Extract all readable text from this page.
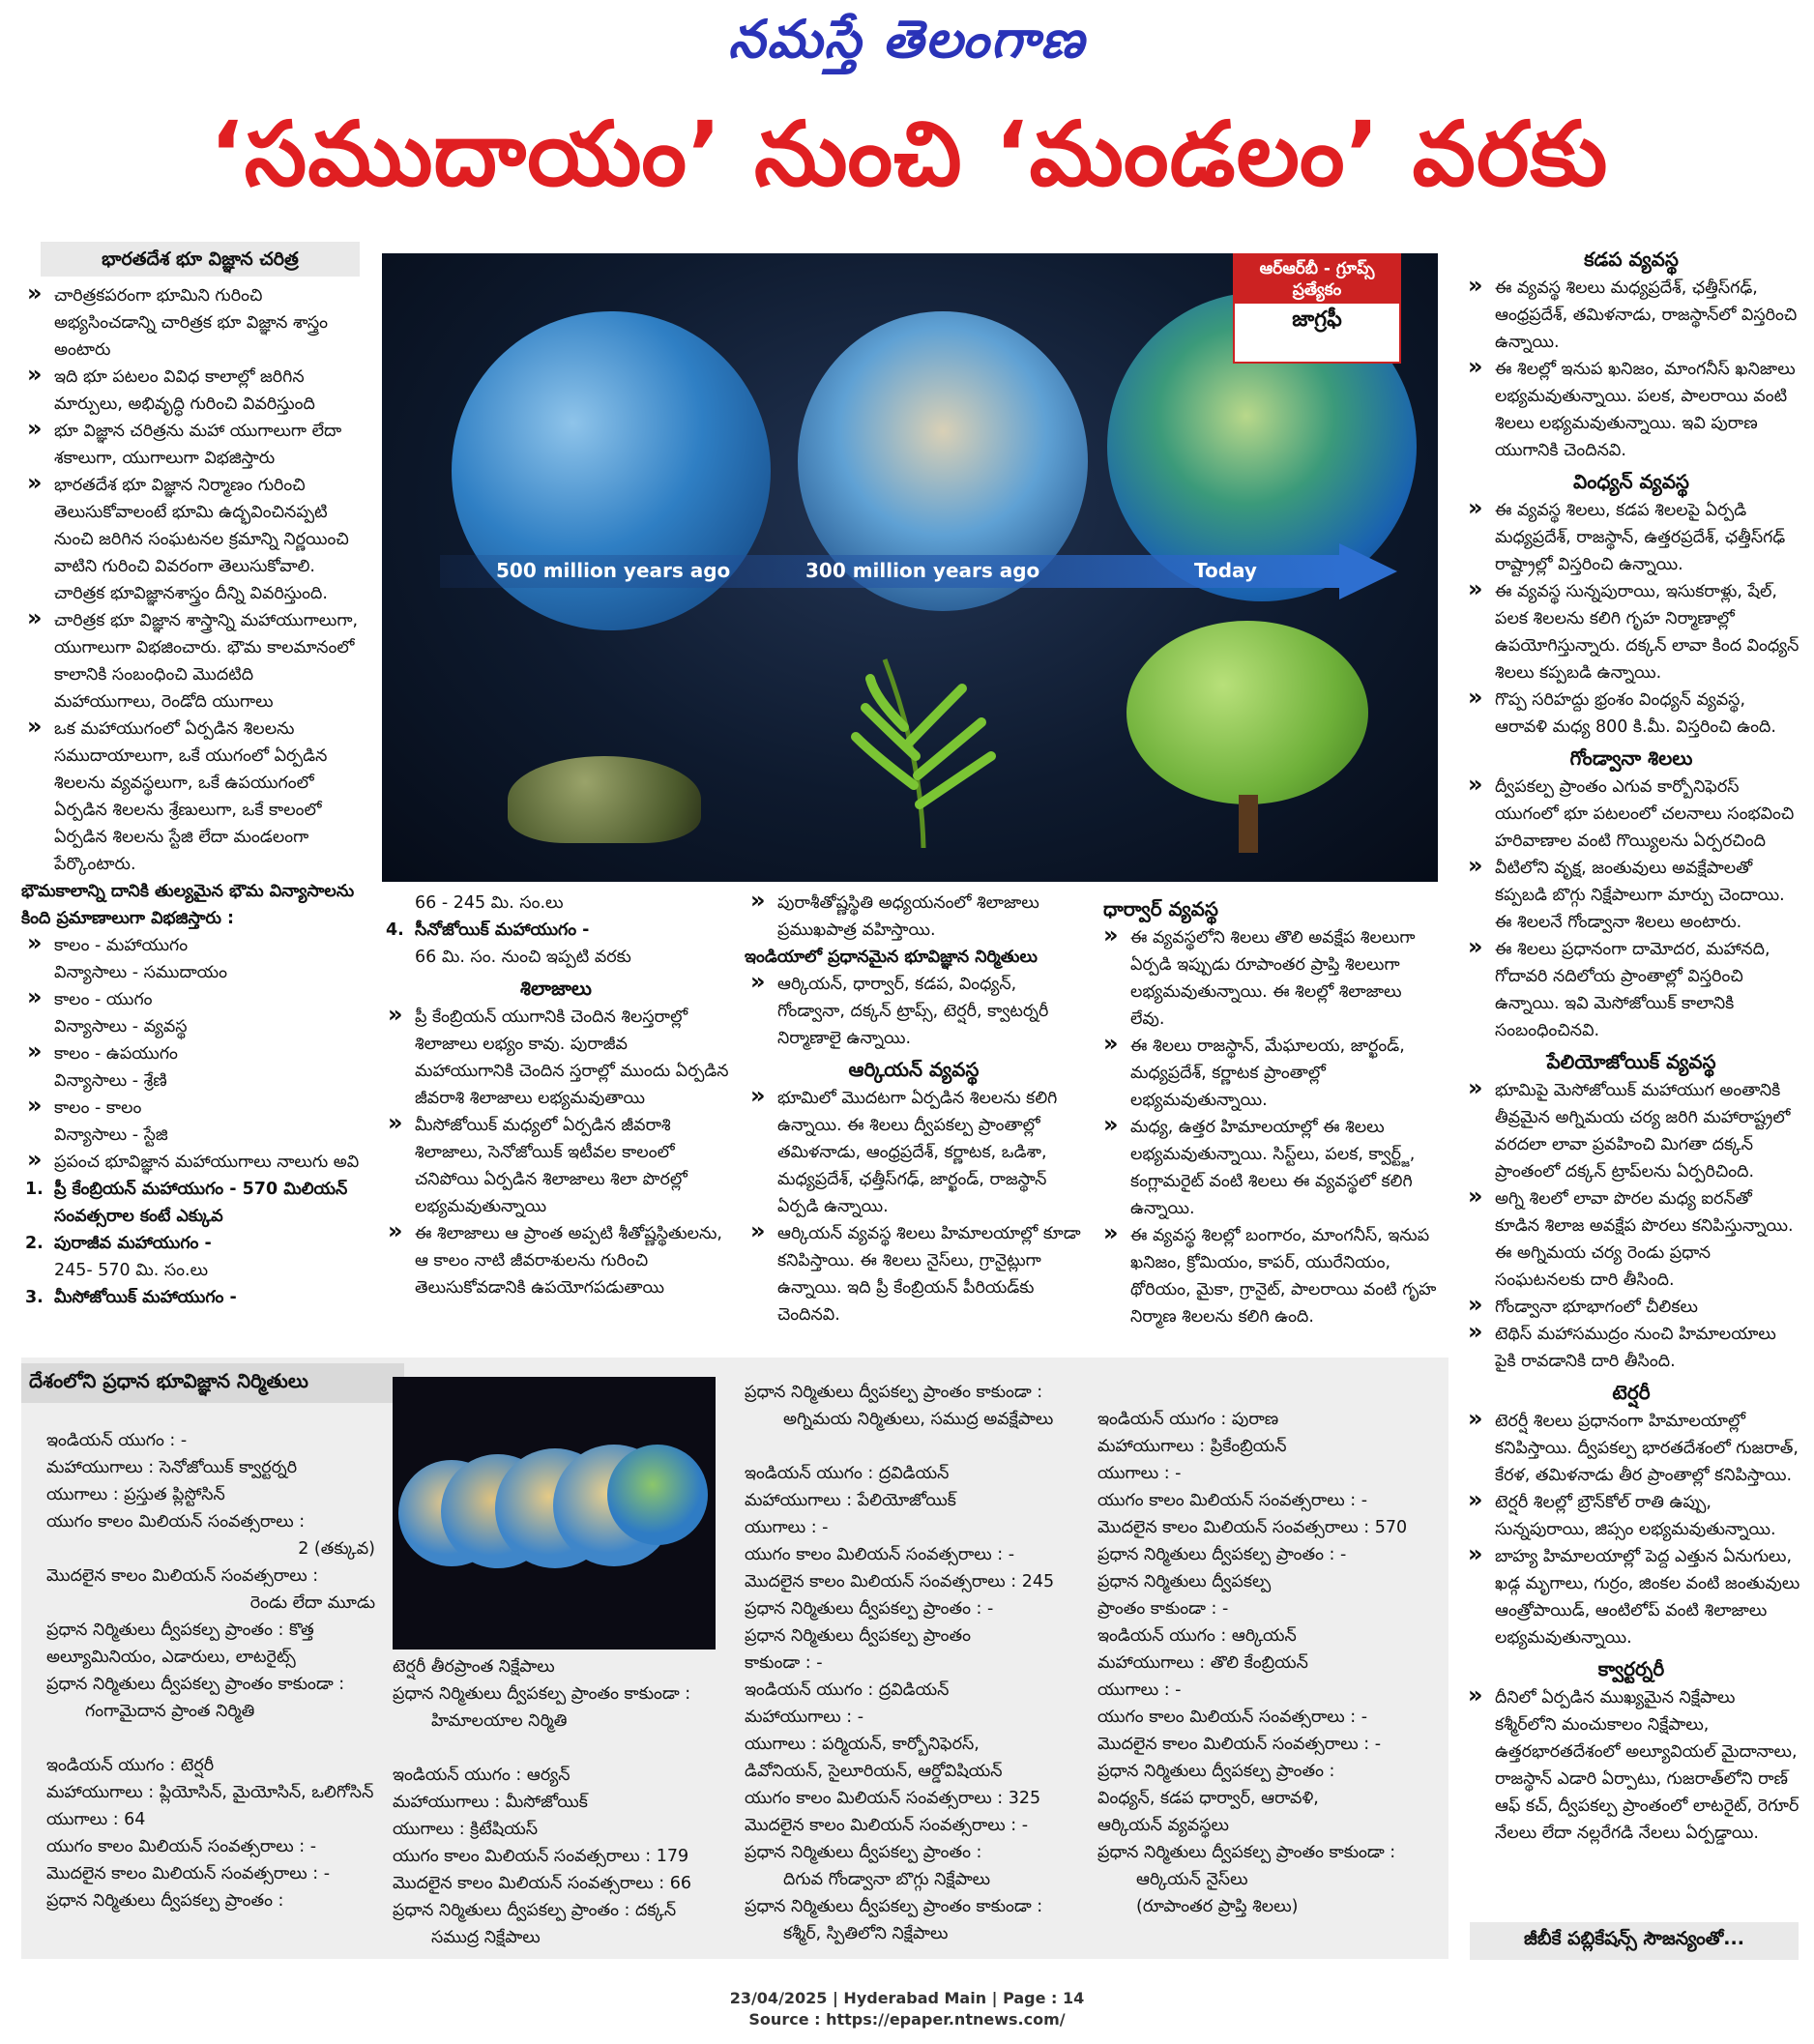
నమస్తే తెలంగాణ
‘సముదాయం’ నుంచి ‘మండలం’ వరకు
భారతదేశ భూ విజ్ఞాన చరిత్ర

» చారిత్రకపరంగా భూమిని గురించి అభ్యసించడాన్ని చారిత్రక భూ విజ్ఞాన శాస్త్రం అంటారు

» ఇది భూ పటలం వివిధ కాలాల్లో జరిగిన మార్పులు, అభివృద్ధి గురించి వివరిస్తుంది

» భూ విజ్ఞాన చరిత్రను మహా యుగాలుగా లేదా శకాలుగా, యుగాలుగా విభజిస్తారు

» భారతదేశ భూ విజ్ఞాన నిర్మాణం గురించి తెలుసుకోవాలంటే భూమి ఉద్భవించినప్పటి నుంచి జరిగిన సంఘటనల క్రమాన్ని నిర్ణయించి వాటిని గురించి వివరంగా తెలుసుకోవాలి. చారిత్రక భూవిజ్ఞానశాస్త్రం దీన్ని వివరిస్తుంది.

» చారిత్రక భూ విజ్ఞాన శాస్త్రాన్ని మహాయుగాలుగా, యుగాలుగా విభజించారు. భౌమ కాలమానంలో కాలానికి సంబంధించి మొదటిది మహాయుగాలు, రెండోది యుగాలు

» ఒక మహాయుగంలో ఏర్పడిన శిలలను సముదాయాలుగా, ఒకే యుగంలో ఏర్పడిన శిలలను వ్యవస్థలుగా, ఒకే ఉపయుగంలో ఏర్పడిన శిలలను శ్రేణులుగా, ఒకే కాలంలో ఏర్పడిన శిలలను స్టేజి లేదా మండలంగా పేర్కొంటారు.

భౌమకాలాన్ని దానికి తుల్యమైన భౌమ విన్యాసాలను కింది ప్రమాణాలుగా విభజిస్తారు :

» కాలం - మహాయుగం

విన్యాసాలు - సముదాయం

» కాలం - యుగం

విన్యాసాలు - వ్యవస్థ

» కాలం - ఉపయుగం

విన్యాసాలు - శ్రేణి

» కాలం - కాలం

విన్యాసాలు - స్టేజి

» ప్రపంచ భూవిజ్ఞాన మహాయుగాలు నాలుగు అవి

1. ప్రీ కేంబ్రియన్ మహాయుగం - 570 మిలియన్ సంవత్సరాల కంటే ఎక్కువ

2. పురాజీవ మహాయుగం -

245- 570 మి. సం.లు

3. మీసోజోయిక్ మహాయుగం -

ఆర్‌ఆర్‌బీ - గ్రూప్స్ ప్రత్యేకం
జాగ్రఫీ
500 million years ago	300 million years ago	Today

66 - 245 మి. సం.లు

4. సీనోజోయిక్ మహాయుగం -

66 మి. సం. నుంచి ఇప్పటి వరకు

శిలాజాలు

» ప్రీ కేంబ్రియన్ యుగానికి చెందిన శిలస్తరాల్లో శిలాజాలు లభ్యం కావు. పురాజీవ మహాయుగానికి చెందిన స్తరాల్లో ముందు ఏర్పడిన జీవరాశి శిలాజాలు లభ్యమవుతాయి

» మీసోజోయిక్ మధ్యలో ఏర్పడిన జీవరాశి శిలాజాలు, సెనోజోయిక్ ఇటీవల కాలంలో చనిపోయి ఏర్పడిన శిలాజాలు శిలా పొరల్లో లభ్యమవుతున్నాయి

» ఈ శిలాజాలు ఆ ప్రాంత అప్పటి శీతోష్ణస్థితులను, ఆ కాలం నాటి జీవరాశులను గురించి తెలుసుకోవడానికి ఉపయోగపడుతాయి

» పురాశీతోష్ణస్థితి అధ్యయనంలో శిలాజాలు ప్రముఖపాత్ర వహిస్తాయి.

ఇండియాలో ప్రధానమైన భూవిజ్ఞాన నిర్మితులు

» ఆర్కియన్, ధార్వార్, కడప, వింధ్యన్, గోండ్వానా, దక్కన్ ట్రాప్స్, టెర్షరీ, క్వాటర్నరీ నిర్మాణాలై ఉన్నాయి.

ఆర్కియన్ వ్యవస్థ

» భూమిలో మొదటగా ఏర్పడిన శిలలను కలిగి ఉన్నాయి. ఈ శిలలు ద్వీపకల్ప ప్రాంతాల్లో తమిళనాడు, ఆంధ్రప్రదేశ్, కర్ణాటక, ఒడిశా, మధ్యప్రదేశ్, ఛత్తీస్‌గఢ్, జార్ఖండ్, రాజస్థాన్ ఏర్పడి ఉన్నాయి.

» ఆర్కియన్ వ్యవస్థ శిలలు హిమాలయాల్లో కూడా కనిపిస్తాయి. ఈ శిలలు నైస్‌లు, గ్రానైట్లుగా ఉన్నాయి. ఇది ప్రీ కేంబ్రియన్ పీరియడ్‌కు చెందినవి.

ధార్వార్ వ్యవస్థ

» ఈ వ్యవస్థలోని శిలలు తొలి అవక్షేప శిలలుగా ఏర్పడి ఇప్పుడు రూపాంతర ప్రాప్తి శిలలుగా లభ్యమవుతున్నాయి. ఈ శిలల్లో శిలాజాలు లేవు.

» ఈ శిలలు రాజస్థాన్, మేఘాలయ, జార్ఖండ్, మధ్యప్రదేశ్, కర్ణాటక ప్రాంతాల్లో లభ్యమవుతున్నాయి.

» మధ్య, ఉత్తర హిమాలయాల్లో ఈ శిలలు లభ్యమవుతున్నాయి. సిస్ట్‌లు, పలక, క్వార్ట్జ్, కంగ్లామరైట్ వంటి శిలలు ఈ వ్యవస్థలో కలిగి ఉన్నాయి.

» ఈ వ్యవస్థ శిలల్లో బంగారం, మాంగనీస్, ఇనుప ఖనిజం, క్రోమియం, కాపర్, యురేనియం, థోరియం, మైకా, గ్రానైట్, పాలరాయి వంటి గృహ నిర్మాణ శిలలను కలిగి ఉంది.

కడప వ్యవస్థ

» ఈ వ్యవస్థ శిలలు మధ్యప్రదేశ్, ఛత్తీస్‌గఢ్, ఆంధ్రప్రదేశ్, తమిళనాడు, రాజస్థాన్‌లో విస్తరించి ఉన్నాయి.

» ఈ శిలల్లో ఇనుప ఖనిజం, మాంగనీస్ ఖనిజాలు లభ్యమవుతున్నాయి. పలక, పాలరాయి వంటి శిలలు లభ్యమవుతున్నాయి. ఇవి పురాణ యుగానికి చెందినవి.

వింధ్యన్ వ్యవస్థ

» ఈ వ్యవస్థ శిలలు, కడప శిలలపై ఏర్పడి మధ్యప్రదేశ్, రాజస్థాన్, ఉత్తరప్రదేశ్, ఛత్తీస్‌గఢ్ రాష్ట్రాల్లో విస్తరించి ఉన్నాయి.

» ఈ వ్యవస్థ సున్నపురాయి, ఇసుకరాళ్లు, షేల్, పలక శిలలను కలిగి గృహ నిర్మాణాల్లో ఉపయోగిస్తున్నారు. దక్కన్ లావా కింద వింధ్యన్ శిలలు కప్పబడి ఉన్నాయి.

» గొప్ప సరిహద్దు భ్రంశం వింధ్యన్ వ్యవస్థ, ఆరావళి మధ్య 800 కి.మీ. విస్తరించి ఉంది.

గోండ్వానా శిలలు

» ద్వీపకల్ప ప్రాంతం ఎగువ కార్బోనిఫెరస్ యుగంలో భూ పటలంలో చలనాలు సంభవించి హరివాణాల వంటి గొయ్యిలను ఏర్పరచింది

» వీటిలోని వృక్ష, జంతువులు అవక్షేపాలతో కప్పబడి బొగ్గు నిక్షేపాలుగా మార్పు చెందాయి. ఈ శిలలనే గోండ్వానా శిలలు అంటారు.

» ఈ శిలలు ప్రధానంగా దామోదర, మహానది, గోదావరి నదిలోయ ప్రాంతాల్లో విస్తరించి ఉన్నాయి. ఇవి మెసోజోయిక్ కాలానికి సంబంధించినవి.

పేలియోజోయిక్ వ్యవస్థ

» భూమిపై మెసోజోయిక్ మహాయుగ అంతానికి తీవ్రమైన అగ్నిమయ చర్య జరిగి మహారాష్ట్రలో వరదలా లావా ప్రవహించి మిగతా దక్కన్ ప్రాంతంలో దక్కన్ ట్రాప్‌లను ఏర్పరిచింది.

» అగ్ని శిలలో లావా పొరల మధ్య ఐరన్‌తో కూడిన శిలాజ అవక్షేప పొరలు కనిపిస్తున్నాయి. ఈ అగ్నిమయ చర్య రెండు ప్రధాన సంఘటనలకు దారి తీసింది.

» గోండ్వానా భూభాగంలో చీలికలు

» టెథిస్ మహాసముద్రం నుంచి హిమాలయాలు పైకి రావడానికి దారి తీసింది.

టెర్షరీ

» టెరర్షీ శిలలు ప్రధానంగా హిమాలయాల్లో కనిపిస్తాయి. ద్వీపకల్ప భారతదేశంలో గుజరాత్, కేరళ, తమిళనాడు తీర ప్రాంతాల్లో కనిపిస్తాయి.

» టెర్షరీ శిలల్లో బ్రౌన్‌కోల్ రాతి ఉప్పు, సున్నపురాయి, జిప్సం లభ్యమవుతున్నాయి.

» బాహ్య హిమాలయాల్లో పెద్ద ఎత్తున ఏనుగులు, ఖడ్గ మృగాలు, గుర్రం, జింకల వంటి జంతువులు ఆంత్రోపాయిడ్, ఆంటిలోప్ వంటి శిలాజాలు లభ్యమవుతున్నాయి.

క్వార్టర్నరీ

» దీనిలో ఏర్పడిన ముఖ్యమైన నిక్షేపాలు కశ్మీర్‌లోని మంచుకాలం నిక్షేపాలు, ఉత్తరభారతదేశంలో అల్యూవియల్ మైదానాలు, రాజస్థాన్ ఎడారి ఏర్పాటు, గుజరాత్‌లోని రాణ్ ఆఫ్ కచ్, ద్వీపకల్ప ప్రాంతంలో లాటరైట్, రెగూర్ నేలలు లేదా నల్లరేగడి నేలలు ఏర్పడ్డాయి.

దేశంలోని ప్రధాన భూవిజ్ఞాన నిర్మితులు

ఇండియన్ యుగం : -

మహాయుగాలు : సెనోజోయిక్ క్వార్టర్నరి

యుగాలు : ప్రస్తుత ప్లిస్టోసిన్

యుగం కాలం మిలియన్ సంవత్సరాలు :

2 (తక్కువ)

మొదలైన కాలం మిలియన్ సంవత్సరాలు :

రెండు లేదా మూడు

ప్రధాన నిర్మితులు ద్వీపకల్ప ప్రాంతం : కొత్త అల్యూమినియం, ఎడారులు, లాటరైట్స్

ప్రధాన నిర్మితులు ద్వీపకల్ప ప్రాంతం కాకుండా :

గంగామైదాన ప్రాంత నిర్మితి

ఇండియన్ యుగం : టెర్షరీ

మహాయుగాలు : ప్లియోసిన్, మైయోసిన్, ఒలిగోసిన్

యుగాలు : 64

యుగం కాలం మిలియన్ సంవత్సరాలు : -

మొదలైన కాలం మిలియన్ సంవత్సరాలు : -

ప్రధాన నిర్మితులు ద్వీపకల్ప ప్రాంతం :

టెర్షరీ తీరప్రాంత నిక్షేపాలు

ప్రధాన నిర్మితులు ద్వీపకల్ప ప్రాంతం కాకుండా :

హిమాలయాల నిర్మితి

ఇండియన్ యుగం : ఆర్యన్

మహాయుగాలు : మీసోజోయిక్

యుగాలు : క్రిటేషియస్

యుగం కాలం మిలియన్ సంవత్సరాలు : 179

మొదలైన కాలం మిలియన్ సంవత్సరాలు : 66

ప్రధాన నిర్మితులు ద్వీపకల్ప ప్రాంతం : దక్కన్

సముద్ర నిక్షేపాలు

ప్రధాన నిర్మితులు ద్వీపకల్ప ప్రాంతం కాకుండా :

అగ్నిమయ నిర్మితులు, సముద్ర అవక్షేపాలు

ఇండియన్ యుగం : ద్రవిడియన్

మహాయుగాలు : పేలియోజోయిక్

యుగాలు : -

యుగం కాలం మిలియన్ సంవత్సరాలు : -

మొదలైన కాలం మిలియన్ సంవత్సరాలు : 245

ప్రధాన నిర్మితులు ద్వీపకల్ప ప్రాంతం : -

ప్రధాన నిర్మితులు ద్వీపకల్ప ప్రాంతం

కాకుండా : -

ఇండియన్ యుగం : ద్రవిడియన్

మహాయుగాలు : -

యుగాలు : పర్మియన్, కార్బోనిఫెరస్,

డివోనియన్, సైలూరియన్, ఆర్డోవిషియన్

యుగం కాలం మిలియన్ సంవత్సరాలు : 325

మొదలైన కాలం మిలియన్ సంవత్సరాలు : -

ప్రధాన నిర్మితులు ద్వీపకల్ప ప్రాంతం :

దిగువ గోండ్వానా బొగ్గు నిక్షేపాలు

ప్రధాన నిర్మితులు ద్వీపకల్ప ప్రాంతం కాకుండా :

కశ్మీర్, స్పితిలోని నిక్షేపాలు

ఇండియన్ యుగం : పురాణ

మహాయుగాలు : ప్రికేంబ్రియన్

యుగాలు : -

యుగం కాలం మిలియన్ సంవత్సరాలు : -

మొదలైన కాలం మిలియన్ సంవత్సరాలు : 570

ప్రధాన నిర్మితులు ద్వీపకల్ప ప్రాంతం : -

ప్రధాన నిర్మితులు ద్వీపకల్ప

ప్రాంతం కాకుండా : -

ఇండియన్ యుగం : ఆర్కియన్

మహాయుగాలు : తొలి కేంబ్రియన్

యుగాలు : -

యుగం కాలం మిలియన్ సంవత్సరాలు : -

మొదలైన కాలం మిలియన్ సంవత్సరాలు : -

ప్రధాన నిర్మితులు ద్వీపకల్ప ప్రాంతం :

వింధ్యన్, కడప ధార్వార్, ఆరావళి,

ఆర్కియన్ వ్యవస్థలు

ప్రధాన నిర్మితులు ద్వీపకల్ప ప్రాంతం కాకుండా :

ఆర్కియన్ నైస్‌లు

(రూపాంతర ప్రాప్తి శిలలు)

జీబీకే పబ్లికేషన్స్ సౌజన్యంతో...
23/04/2025 | Hyderabad Main | Page : 14
Source : https://epaper.ntnews.com/
